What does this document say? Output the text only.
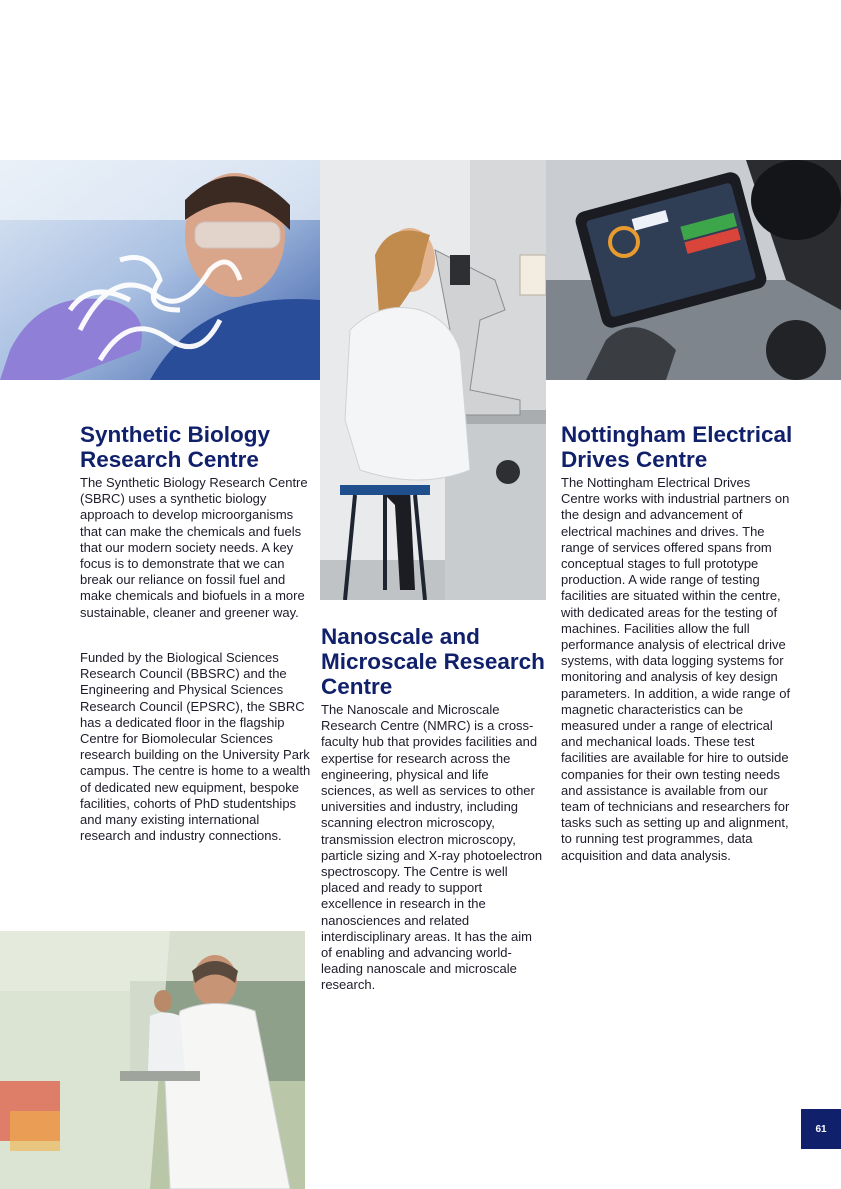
Synthetic Biology Research Centre

The Synthetic Biology Research Centre (SBRC) uses a synthetic biology approach to develop microorganisms that can make the chemicals and fuels that our modern society needs. A key focus is to demonstrate that we can break our reliance on fossil fuel and make chemicals and biofuels in a more sustainable, cleaner and greener way.

Funded by the Biological Sciences Research Council (BBSRC) and the Engineering and Physical Sciences Research Council (EPSRC), the SBRC has a dedicated floor in the flagship Centre for Biomolecular Sciences research building on the University Park campus. The centre is home to a wealth of dedicated new equipment, bespoke facilities, cohorts of PhD studentships and many existing international research and industry connections.

Nanoscale and Microscale Research Centre

The Nanoscale and Microscale Research Centre (NMRC) is a cross-faculty hub that provides facilities and expertise for research across the engineering, physical and life sciences, as well as services to other universities and industry, including scanning electron microscopy, transmission electron microscopy, particle sizing and X-ray photoelectron spectroscopy. The Centre is well placed and ready to support excellence in research in the nanosciences and related interdisciplinary areas. It has the aim of enabling and advancing world-leading nanoscale and microscale research.

Nottingham Electrical Drives Centre

The Nottingham Electrical Drives Centre works with industrial partners on the design and advancement of electrical machines and drives. The range of services offered spans from conceptual stages to full prototype production. A wide range of testing facilities are situated within the centre, with dedicated areas for the testing of machines. Facilities allow the full performance analysis of electrical drive systems, with data logging systems for monitoring and analysis of key design parameters. In addition, a wide range of magnetic characteristics can be measured under a range of electrical and mechanical loads. These test facilities are available for hire to outside companies for their own testing needs and assistance is available from our team of technicians and researchers for tasks such as setting up and alignment, to running test programmes, data acquisition and data analysis.

61
